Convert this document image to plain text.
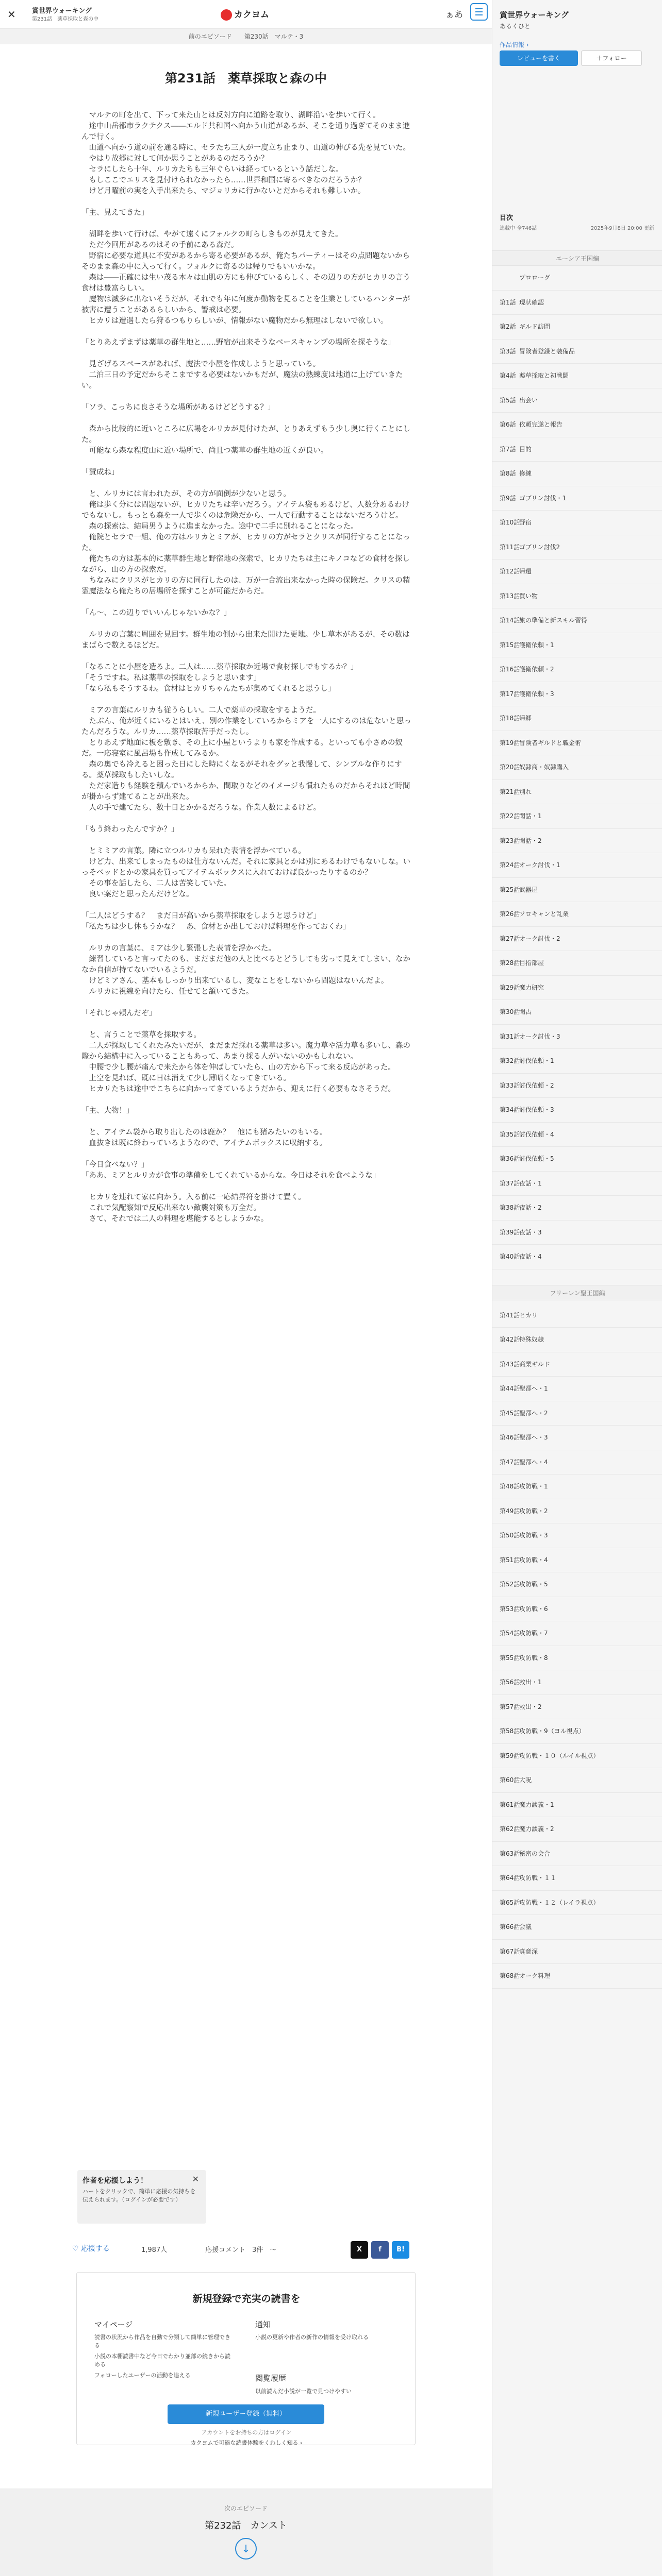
✕ 賞世界ウォーキング
第231話　薬草採取と森の中	カクヨム	ぁあ
前のエピソード　　第230話　マルテ・3
第231話　薬草採取と森の中

　マルテの町を出て、下って来た山とは反対方向に道路を取り、湖畔沿いを歩いて行く。

　途中山岳都市ラクテクス――エルド共和国へ向かう山道があるが、そこを通り過ぎてそのまま進んで行く。

　山道へ向かう道の前を通る時に、セラたち三人が一度立ち止まり、山道の伸びる先を見ていた。

　やはり故郷に対して何か思うことがあるのだろうか？

　セラにしたら十年、ルリカたちも三年ぐらいは経っているという話だしな。

　もしここでエリスを見付けられなかったら……世界和国に寄るべきなのだろうか？

　けど月曜前の実を入手出来たら、マジョリカに行かないとだからそれも難しいか。

「主、見えてきた」

　湖畔を歩いて行けば、やがて遠くにフォルクの町らしきものが見えてきた。

　ただ今回用があるのはその手前にある森だ。

　野宿に必要な道具に不安があるから寄る必要があるが、俺たちパーティーはその点問題ないからそのまま森の中に入って行く。フォルクに寄るのは帰りでもいいかな。

　森は――正確には生い茂る木々は山肌の方にも伸びているらしく、その辺りの方がヒカリの言う食材は豊富らしい。

　魔物は滅多に出ないそうだが、それでも年に何度か動物を見ることを生業としているハンターが被害に遭うことがあるらしいから、警戒は必要。

　ヒカリは遭遇したら狩るつもりらしいが、情報がない魔物だから無理はしないで欲しい。

「とりあえずまずは薬草の群生地と……野宿が出来そうなベースキャンプの場所を探そうな」

　見ざげるスペースがあれば、魔法で小屋を作成しようと思っている。

　二泊三日の予定だからそこまでする必要はないかもだが、魔法の熟練度は地道に上げていきたい。

「ソラ、こっちに良さそうな場所があるけどどうする？」

　森から比較的に近いところに広場をルリカが見付けたが、とりあえずもう少し奥に行くことにした。

　可能なら森な程度山に近い場所で、尚且つ薬草の群生地の近くが良い。

「賛成ね」

　と、ルリカには言われたが、その方が面倒が少ないと思う。

　俺は歩く分には問題ないが、ヒカリたちは辛いだろう。アイテム袋もあるけど、人数分あるわけでもないし。もっとも森を一人で歩くのは危険だから、一人で行動することはないだろうけど。

　森の探索は、結局男うように進まなかった。途中で二手に別れることになった。

　俺院とセラで一組、俺の方はルリカとミアが、ヒカリの方がセラとクリスが同行することになった。

　俺たちの方は基本的に薬草群生地と野宿地の探索で、ヒカリたちは主にキノコなどの食材を探しながら、山の方の探索だ。

　ちなみにクリスがヒカリの方に同行したのは、万が一合流出来なかった時の保険だ。クリスの精霊魔法なら俺たちの居場所を探すことが可能だからだ。

「ん～、この辺りでいいんじゃないかな？」

　ルリカの言葉に周囲を見回す。群生地の側から出来た開けた更地。少し草木があるが、その数はまばらで数えるほどだ。

「なることに小屋を造るよ。二人は……薬草採取か近場で食材探しでもするか？」

「そうですね。私は薬草の採取をしようと思います」

「なら私もそうするわ。食材はヒカリちゃんたちが集めてくれると思うし」

　ミアの言葉にルリカも従うらしい。二人で薬草の採取をするようだ。

　たぶん、俺が近くにいるとはいえ、別の作業をしているからミアを一人にするのは危ないと思ったんだろうな。ルリカ……薬草採取苦手だったし。

　とりあえず地面に板を敷き、その上に小屋というよりも家を作成する。といっても小さめの奴だ。一応寝室に風呂場も作成してみるか。

　森の奥でも冷えると困った日にした時にくなるがそれをグッと我慢して、シンプルな作りにする。薬草採取もしたいしな。

　ただ家造りも経験を積んでいるからか、間取りなどのイメージも慣れたものだからそれほど時間が掛からず建てることが出来た。

　人の手で建てたら、数十日とかかるだろうな。作業人数によるけど。

「もう終わったんですか？」

　とミミアの言葉。隣に立つルリカも呆れた表情を浮かべている。

　けど力、出来てしまったものは仕方ないんだ。それに家具とかは別にあるわけでもないしな。いっそベッドとかの家具を買ってアイテムボックスに入れておけば良かったりするのか？

　その事を話したら、二人は苦笑していた。

　良い案だと思ったんだけどな。

「二人はどうする？　まだ日が高いから薬草採取をしようと思うけど」

「私たちは少し休もうかな？　あ、食材とか出しておけば料理を作っておくわ」

　ルリカの言葉に、ミアは少し緊張した表情を浮かべた。

　練習していると言ってたのも、まだまだ他の人と比べるとどうしても劣って見えてしまい、なかなか自信が持てないでいるようだ。

　けどミアさん、基本もしっかり出来ているし、変なことをしないから問題はないんだよ。

　ルリカに視線を向けたら、任せてと頷いてきた。

「それじゃ頼んだぞ」

　と、言うことで薬草を採取する。

　二人が採取してくれたみたいだが、まだまだ採れる薬草は多い。魔力草や活力草も多いし、森の際から結構中に入っていることもあって、あまり採る人がいないのかもしれない。

　中腰で少し腰が痛んで来たから体を伸ばしていたら、山の方から下って来る反応があった。

　上空を見れば、既に日は消えて少し薄暗くなってきている。

　ヒカリたちは途中でこちらに向かってきているようだから、迎えに行く必要もなさそうだ。

「主、大物！」

　と、アイテム袋から取り出したのは鹿か？　他にも猪みたいのもいる。

　血抜きは既に終わっているようなので、アイテムボックスに収納する。

「今日食べない？」

「ああ、ミアとルリカが食事の準備をしてくれているからな。今日はそれを食べような」

　ヒカリを連れて家に向かう。入る前に一応結界符を掛けて置く。

　これで気配察知で反応出来ない敵襲対策も万全だ。

　さて、それでは二人の料理を堪能するとしようかな。

作者を応援しよう！	✕
ハートをクリックで、簡単に応援の気持ちを伝えられます。（ログインが必要です）
♡ 応援する	1,987人	応援コメント　3件　〜	X	f	B!
新規登録で充実の読書を
マイページ
読書の状況から作品を自動で分類して簡単に管理できる
小説の本棚読書中など今日でわかり並部の続きから読める
フォローしたユーザーの活動を追える
通知
小説の更新や作者の新作の情報を受け取れる
閲覧履歴
以前読んだ小説が一覧で見つけやすい
新規ユーザー登録（無料）
アカウントをお持ちの方はログイン
カクヨムで可能な読書体験をくわしく知る ›
次のエピソード
第232話　カンスト
↓
賞世界ウォーキング
あるくひと
作品情報 ›
レビューを書く	＋フォロー
目次
連載中 全746話	2025年9月8日 20:00 更新
エーシア王国編
プロローグ
第1話 現状確認
第2話 ギルド訪問
第3話 冒険者登録と装備品
第4話 薬草採取と初戦闘
第5話 出会い
第6話 依頼完遂と報告
第7話 目的
第8話 修練
第9話 ゴブリン討伐・1
第10話野宿
第11話ゴブリン討伐2
第12話帰還
第13話買い物
第14話旅の準備と新スキル習得
第15話護衛依頼・1
第16話護衛依頼・2
第17話護衛依頼・3
第18話帰郷
第19話冒険者ギルドと職金術
第20話奴隷商・奴隷購入
第21話別れ
第22話閑話・1
第23話閑話・2
第24話オーク討伐・1
第25話武器屋
第26話ソロキャンと乱業
第27話オーク討伐・2
第28話目指部屋
第29話魔力研究
第30話閑古
第31話オーク討伐・3
第32話討伐依頼・1
第33話討伐依頼・2
第34話討伐依頼・3
第35話討伐依頼・4
第36話討伐依頼・5
第37話夜話・1
第38話夜話・2
第39話夜話・3
第40話夜話・4
フリーレン聖王国編
第41話ヒカリ
第42話特殊奴隷
第43話商業ギルド
第44話聖都へ・1
第45話聖都へ・2
第46話聖都へ・3
第47話聖都へ・4
第48話攻防戦・1
第49話攻防戦・2
第50話攻防戦・3
第51話攻防戦・4
第52話攻防戦・5
第53話攻防戦・6
第54話攻防戦・7
第55話攻防戦・8
第56話救出・1
第57話救出・2
第58話攻防戦・9（ヨル視点）
第59話攻防戦・１０（ルイル視点）
第60話大呪
第61話魔力談義・1
第62話魔力談義・2
第63話秘密の会合
第64話攻防戦・１１
第65話攻防戦・１２（レイラ視点）
第66話会議
第67話真意深
第68話オーク料理
